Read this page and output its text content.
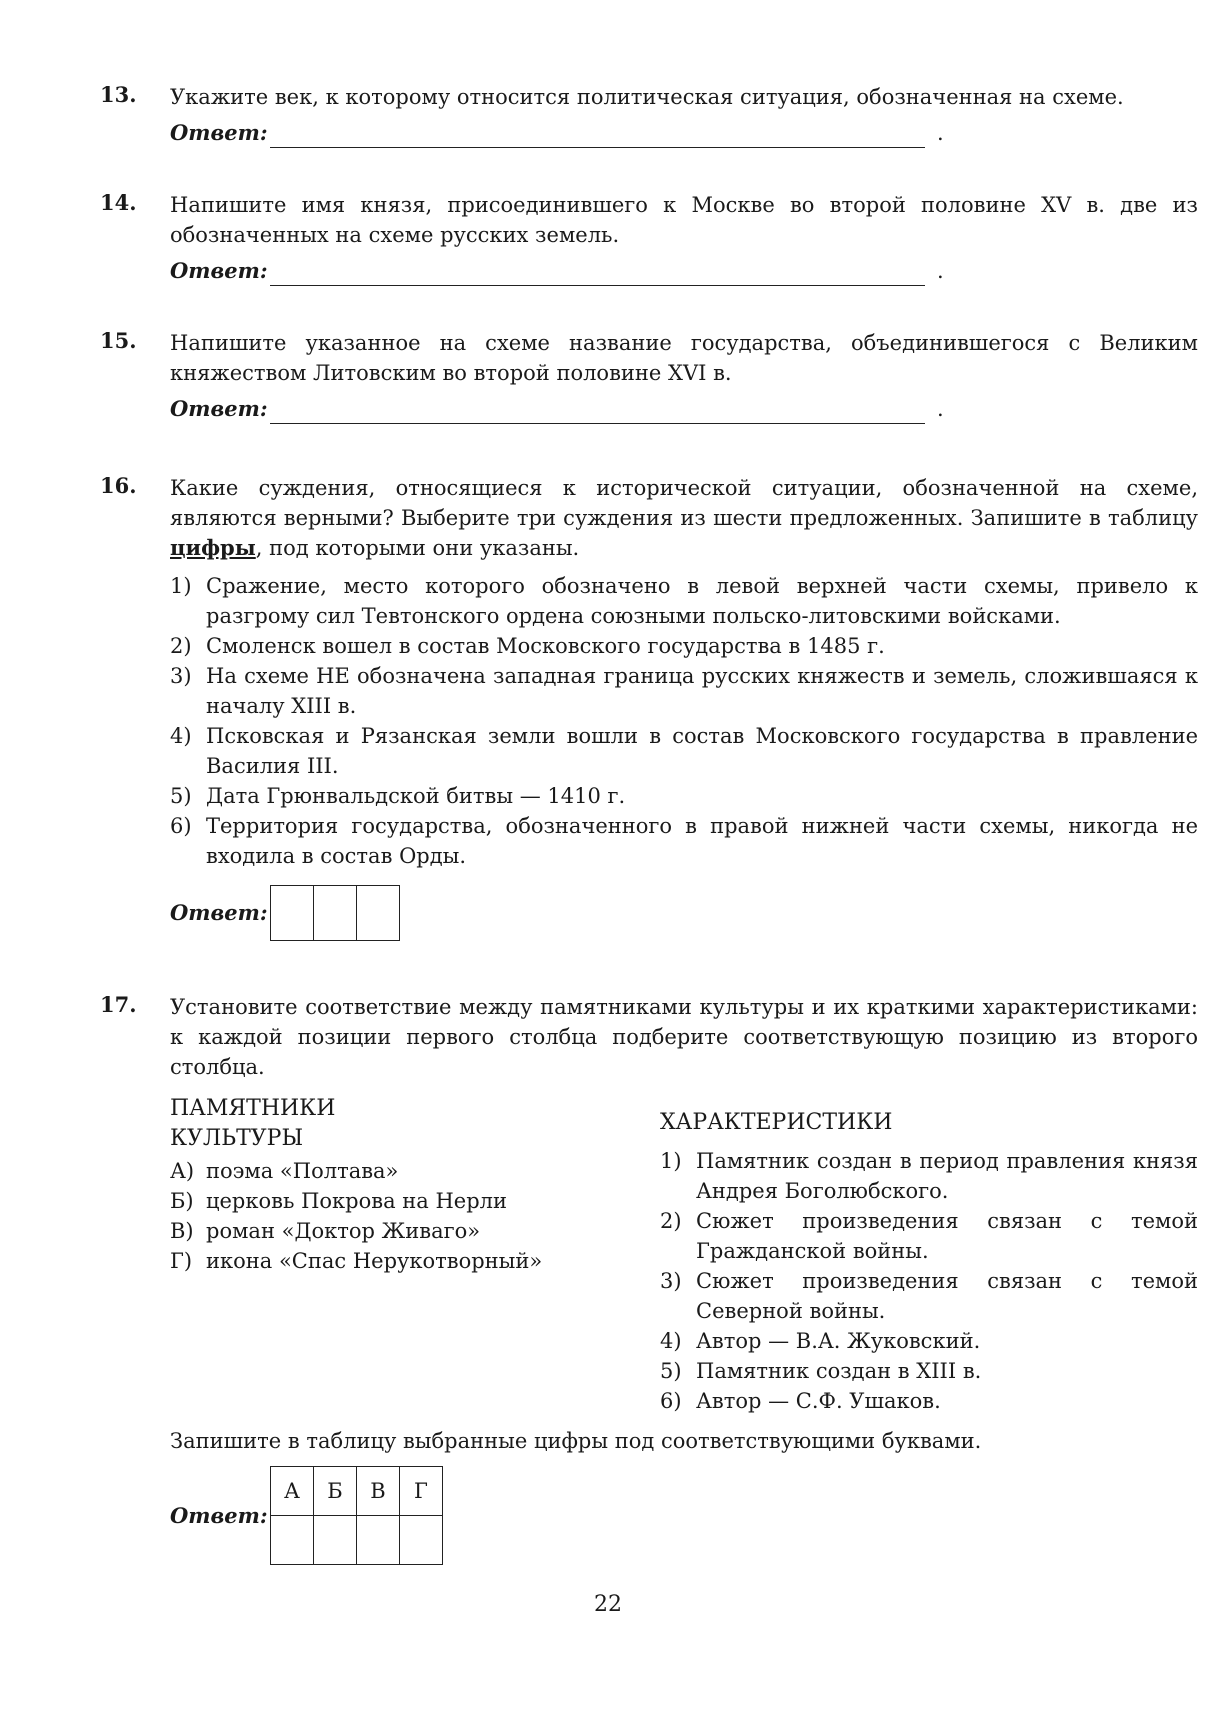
13.	Укажите век, к которому относится политическая ситуация, обозначенная на схеме.

Ответ:	.
14.	Напишите имя князя, присоединившего к Москве во второй половине XV в. две из обозначенных на схеме русских земель.

Ответ:	.
15.	Напишите указанное на схеме название государства, объединившегося с Великим княжеством Литовским во второй половине XVI в.

Ответ:	.
16.	Какие суждения, относящиеся к исторической ситуации, обозначенной на схеме, являются верными? Выберите три суждения из шести предложенных. Запишите в таблицу цифры, под которыми они указаны.

1) Сражение, место которого обозначено в левой верхней части схемы, привело к разгрому сил Тевтонского ордена союзными польско-литовскими войсками.
2) Смоленск вошел в состав Московского государства в 1485 г.
3) На схеме НЕ обозначена западная граница русских княжеств и земель, сложившаяся к началу XIII в.
4) Псковская и Рязанская земли вошли в состав Московского государства в правление Василия III.
5) Дата Грюнвальдской битвы — 1410 г.
6) Территория государства, обозначенного в правой нижней части схемы, никогда не входила в состав Орды.
Ответ:

17.	Установите соответствие между памятниками культуры и их краткими характеристиками: к каждой позиции первого столбца подберите соответствующую позицию из второго столбца.

ПАМЯТНИКИ
КУЛЬТУРЫ
А) поэма «Полтава»
Б) церковь Покрова на Нерли
В) роман «Доктор Живаго»
Г) икона «Спас Нерукотворный»
ХАРАКТЕРИСТИКИ
1) Памятник создан в период правления князя Андрея Боголюбского.
2) Сюжет произведения связан с темой Гражданской войны.
3) Сюжет произведения связан с темой Северной войны.
4) Автор — В.А. Жуковский.
5) Памятник создан в XIII в.
6) Автор — С.Ф. Ушаков.

Запишите в таблицу выбранные цифры под соответствующими буквами.

Ответ:
А	Б	В	Г

22
